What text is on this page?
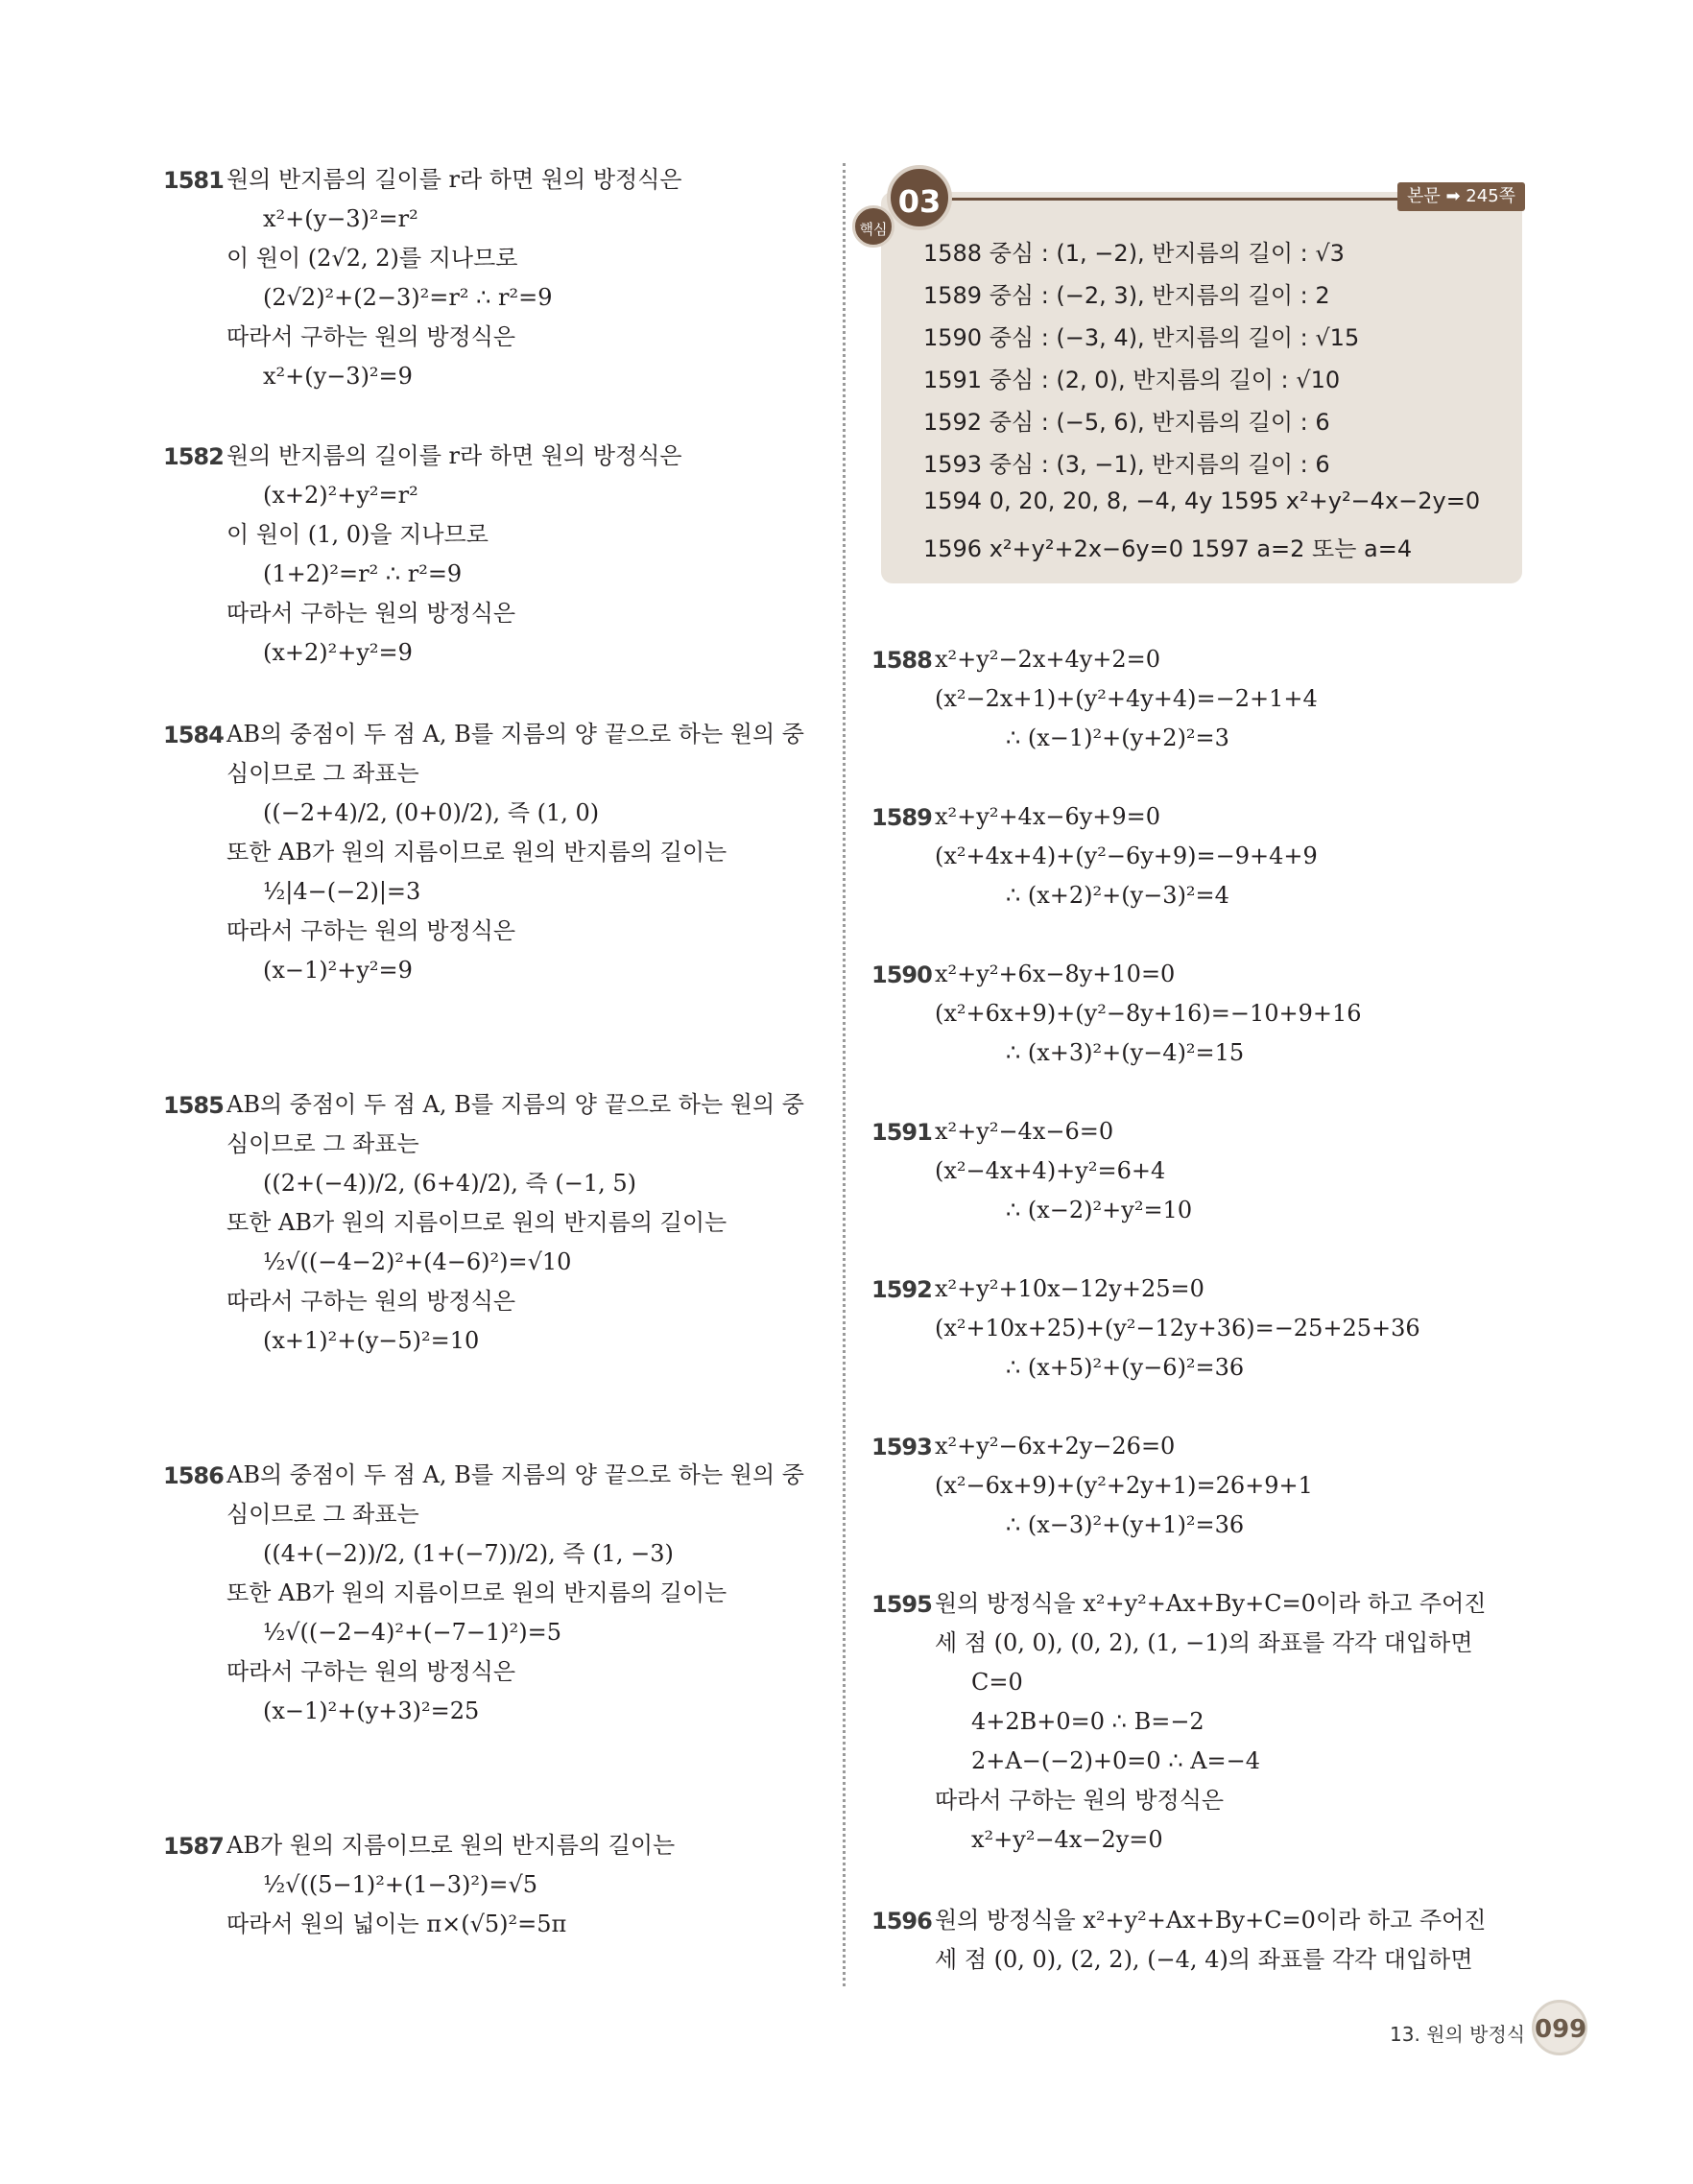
1581 원의 반지름의 길이를 r라 하면 원의 방정식은
x²+(y−3)²=r²
이 원이 (2√2, 2)를 지나므로
(2√2)²+(2−3)²=r² ∴ r²=9
따라서 구하는 원의 방정식은
x²+(y−3)²=9
1582 원의 반지름의 길이를 r라 하면 원의 방정식은
(x+2)²+y²=r²
이 원이 (1, 0)을 지나므로
(1+2)²=r² ∴ r²=9
따라서 구하는 원의 방정식은
(x+2)²+y²=9
1584 AB의 중점이 두 점 A, B를 지름의 양 끝으로 하는 원의 중
심이므로 그 좌표는
((−2+4)/2, (0+0)/2), 즉 (1, 0)
또한 AB가 원의 지름이므로 원의 반지름의 길이는
½|4−(−2)|=3
따라서 구하는 원의 방정식은
(x−1)²+y²=9
1585 AB의 중점이 두 점 A, B를 지름의 양 끝으로 하는 원의 중
심이므로 그 좌표는
((2+(−4))/2, (6+4)/2), 즉 (−1, 5)
또한 AB가 원의 지름이므로 원의 반지름의 길이는
½√((−4−2)²+(4−6)²)=√10
따라서 구하는 원의 방정식은
(x+1)²+(y−5)²=10
1586 AB의 중점이 두 점 A, B를 지름의 양 끝으로 하는 원의 중
심이므로 그 좌표는
((4+(−2))/2, (1+(−7))/2), 즉 (1, −3)
또한 AB가 원의 지름이므로 원의 반지름의 길이는
½√((−2−4)²+(−7−1)²)=5
따라서 구하는 원의 방정식은
(x−1)²+(y+3)²=25
1587 AB가 원의 지름이므로 원의 반지름의 길이는
½√((5−1)²+(1−3)²)=√5
따라서 원의 넓이는 π×(√5)²=5π
1588 중심 : (1, −2), 반지름의 길이 : √3
1589 중심 : (−2, 3), 반지름의 길이 : 2
1590 중심 : (−3, 4), 반지름의 길이 : √15
1591 중심 : (2, 0), 반지름의 길이 : √10
1592 중심 : (−5, 6), 반지름의 길이 : 6
1593 중심 : (3, −1), 반지름의 길이 : 6
1594 0, 20, 20, 8, −4, 4y 1595 x²+y²−4x−2y=0
1596 x²+y²+2x−6y=0 1597 a=2 또는 a=4
03
핵심
본문 ➡ 245쪽
1588 x²+y²−2x+4y+2=0
(x²−2x+1)+(y²+4y+4)=−2+1+4
∴ (x−1)²+(y+2)²=3
1589 x²+y²+4x−6y+9=0
(x²+4x+4)+(y²−6y+9)=−9+4+9
∴ (x+2)²+(y−3)²=4
1590 x²+y²+6x−8y+10=0
(x²+6x+9)+(y²−8y+16)=−10+9+16
∴ (x+3)²+(y−4)²=15
1591 x²+y²−4x−6=0
(x²−4x+4)+y²=6+4
∴ (x−2)²+y²=10
1592 x²+y²+10x−12y+25=0
(x²+10x+25)+(y²−12y+36)=−25+25+36
∴ (x+5)²+(y−6)²=36
1593 x²+y²−6x+2y−26=0
(x²−6x+9)+(y²+2y+1)=26+9+1
∴ (x−3)²+(y+1)²=36
1595 원의 방정식을 x²+y²+Ax+By+C=0이라 하고 주어진
세 점 (0, 0), (0, 2), (1, −1)의 좌표를 각각 대입하면
C=0
4+2B+0=0 ∴ B=−2
2+A−(−2)+0=0 ∴ A=−4
따라서 구하는 원의 방정식은
x²+y²−4x−2y=0
1596 원의 방정식을 x²+y²+Ax+By+C=0이라 하고 주어진
세 점 (0, 0), (2, 2), (−4, 4)의 좌표를 각각 대입하면
13. 원의 방정식 099
